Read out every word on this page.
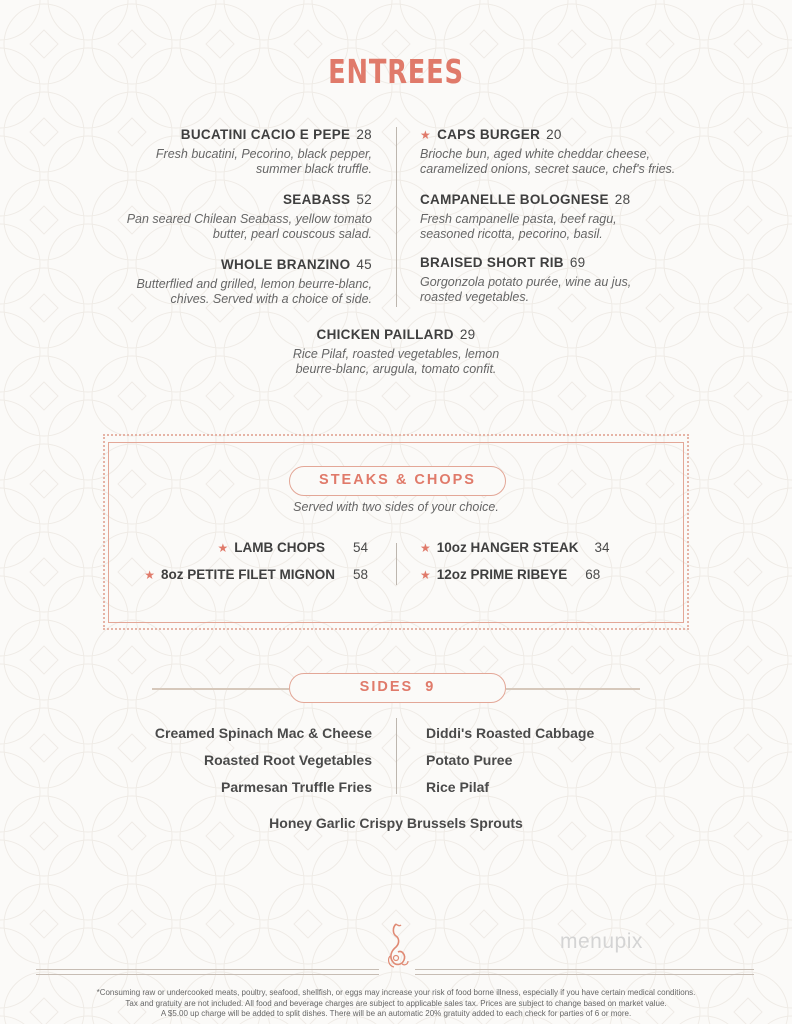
ENTREES
BUCATINI CACIO E PEPE 28
Fresh bucatini, Pecorino, black pepper,
summer black truffle.
SEABASS 52
Pan seared Chilean Seabass, yellow tomato
butter, pearl couscous salad.
WHOLE BRANZINO 45
Butterflied and grilled, lemon beurre-blanc,
chives. Served with a choice of side.
★ CAPS BURGER 20
Brioche bun, aged white cheddar cheese,
caramelized onions, secret sauce, chef's fries.
CAMPANELLE BOLOGNESE 28
Fresh campanelle pasta, beef ragu,
seasoned ricotta, pecorino, basil.
BRAISED SHORT RIB 69
Gorgonzola potato purée, wine au jus,
roasted vegetables.
CHICKEN PAILLARD 29
Rice Pilaf, roasted vegetables, lemon
beurre-blanc, arugula, tomato confit.
STEAKS & CHOPS
Served with two sides of your choice.
★ LAMB CHOPS 54
★ 8oz PETITE FILET MIGNON 58
★ 10oz HANGER STEAK 34
★ 12oz PRIME RIBEYE 68
SIDES 9
Creamed Spinach Mac & Cheese
Roasted Root Vegetables
Parmesan Truffle Fries
Diddi's Roasted Cabbage
Potato Puree
Rice Pilaf
Honey Garlic Crispy Brussels Sprouts
menupix
*Consuming raw or undercooked meats, poultry, seafood, shellfish, or eggs may increase your risk of food borne illness, especially if you have certain medical conditions.
Tax and gratuity are not included. All food and beverage charges are subject to applicable sales tax. Prices are subject to change based on market value.
A $5.00 up charge will be added to split dishes. There will be an automatic 20% gratuity added to each check for parties of 6 or more.
